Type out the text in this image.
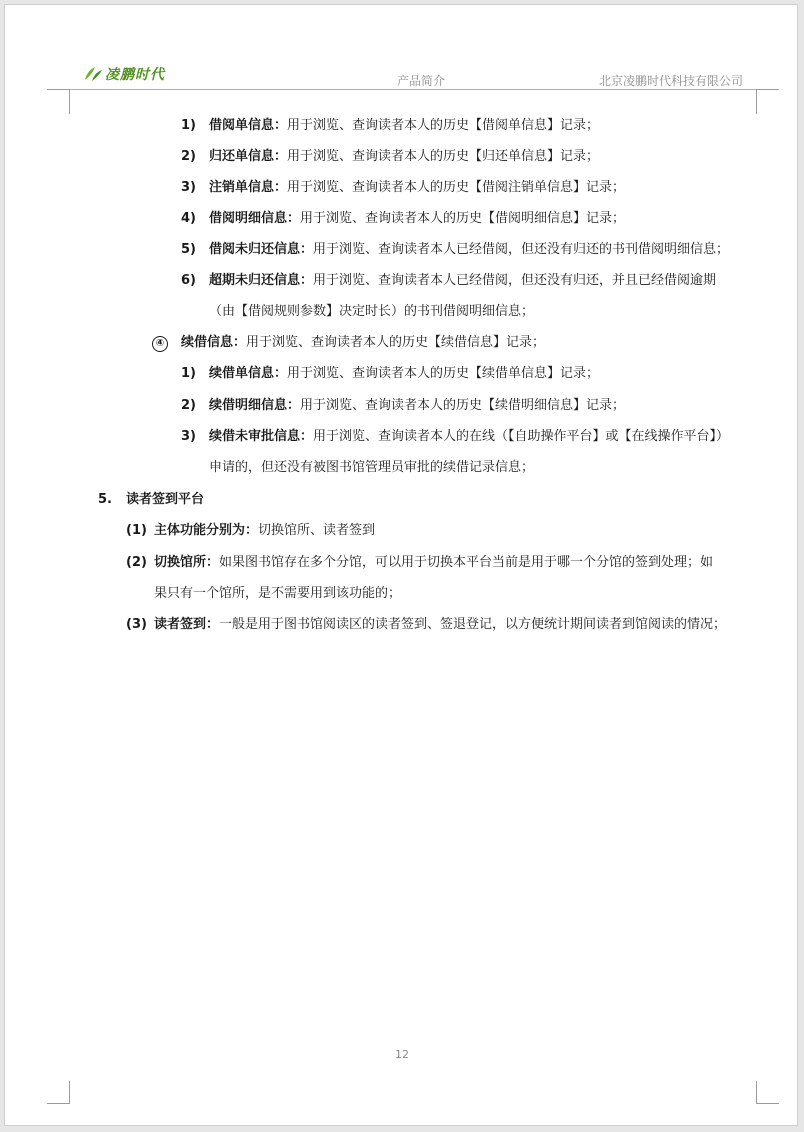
凌鹏时代	产品简介	北京凌鹏时代科技有限公司
1) 借阅单信息：用于浏览、查询读者本人的历史【借阅单信息】记录；
2) 归还单信息：用于浏览、查询读者本人的历史【归还单信息】记录；
3) 注销单信息：用于浏览、查询读者本人的历史【借阅注销单信息】记录；
4) 借阅明细信息：用于浏览、查询读者本人的历史【借阅明细信息】记录；
5) 借阅未归还信息：用于浏览、查询读者本人已经借阅，但还没有归还的书刊借阅明细信息；
6) 超期未归还信息：用于浏览、查询读者本人已经借阅，但还没有归还，并且已经借阅逾期
（由【借阅规则参数】决定时长）的书刊借阅明细信息；
④ 续借信息：用于浏览、查询读者本人的历史【续借信息】记录；
1) 续借单信息：用于浏览、查询读者本人的历史【续借单信息】记录；
2) 续借明细信息：用于浏览、查询读者本人的历史【续借明细信息】记录；
3) 续借未审批信息：用于浏览、查询读者本人的在线（【自助操作平台】或【在线操作平台】）
申请的，但还没有被图书馆管理员审批的续借记录信息；
5. 读者签到平台
(1) 主体功能分别为：切换馆所、读者签到
(2) 切换馆所：如果图书馆存在多个分馆，可以用于切换本平台当前是用于哪一个分馆的签到处理；如
果只有一个馆所，是不需要用到该功能的；
(3) 读者签到：一般是用于图书馆阅读区的读者签到、签退登记，以方便统计期间读者到馆阅读的情况；
12
